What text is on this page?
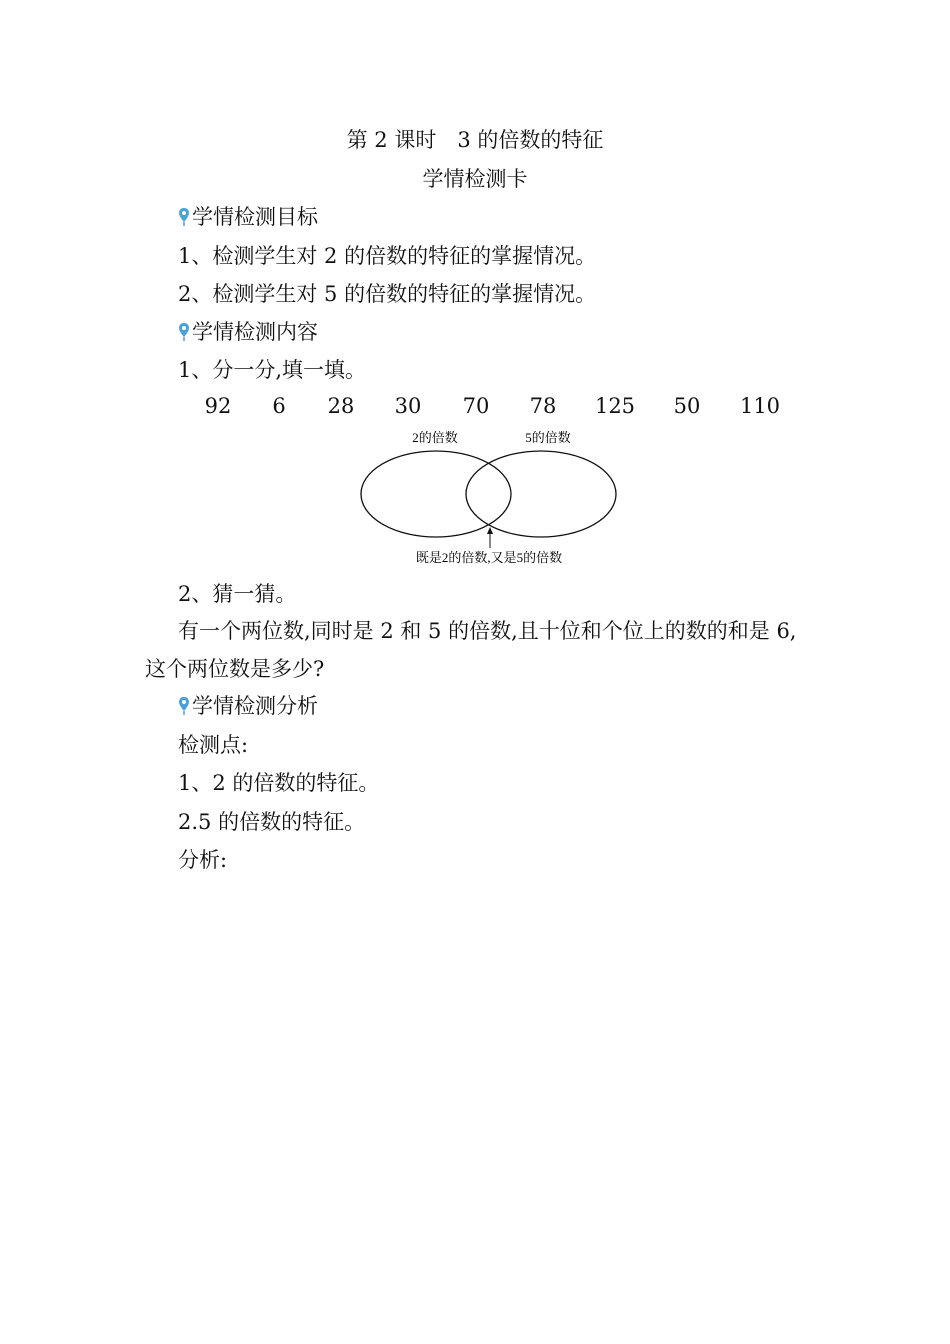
第 2 课时　3 的倍数的特征
学情检测卡
学情检测目标
1、检测学生对 2 的倍数的特征的掌握情况。
2、检测学生对 5 的倍数的特征的掌握情况。
学情检测内容
1、分一分,填一填。
92	6	28	30	70	78	125	50	110
2的倍数	5的倍数
既是2的倍数,又是5的倍数
2、猜一猜。
有一个两位数,同时是 2 和 5 的倍数,且十位和个位上的数的和是 6,这个两位数是多少?
学情检测分析
检测点:
1、2 的倍数的特征。
2.5 的倍数的特征。
分析:
